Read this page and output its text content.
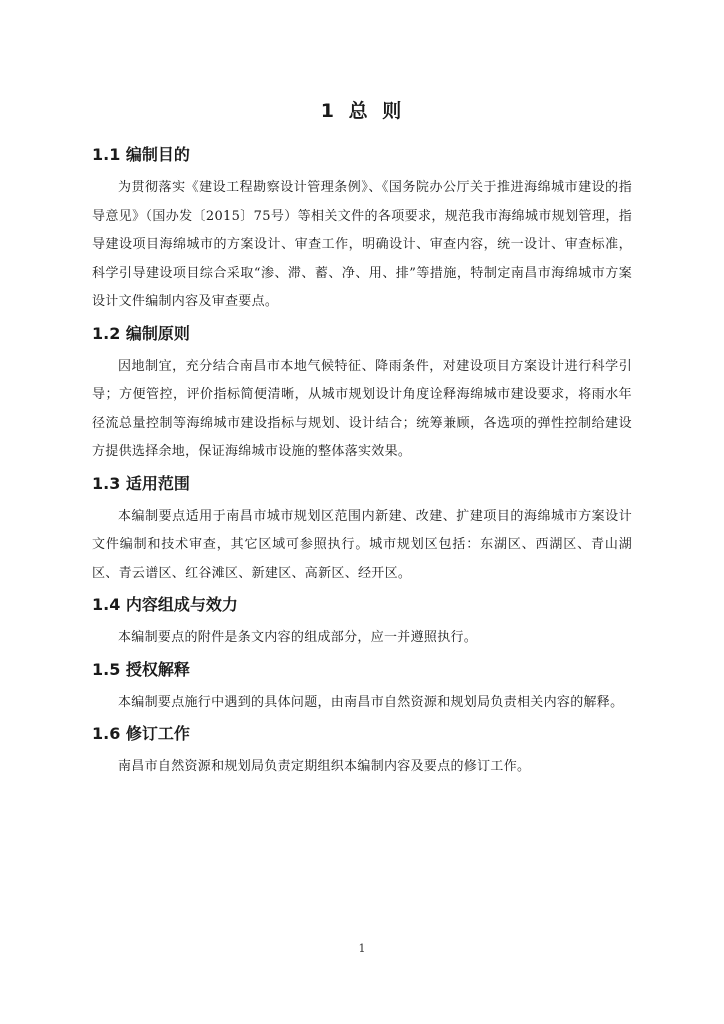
1 总 则
1.1 编制目的

为贯彻落实《建设工程勘察设计管理条例》、《国务院办公厅关于推进海绵城市建设的指导意见》（国办发〔2015〕75号）等相关文件的各项要求，规范我市海绵城市规划管理，指导建设项目海绵城市的方案设计、审查工作，明确设计、审查内容，统一设计、审查标准，科学引导建设项目综合采取“渗、滞、蓄、净、用、排”等措施，特制定南昌市海绵城市方案设计文件编制内容及审查要点。

1.2 编制原则

因地制宜，充分结合南昌市本地气候特征、降雨条件，对建设项目方案设计进行科学引导；方便管控，评价指标简便清晰，从城市规划设计角度诠释海绵城市建设要求，将雨水年径流总量控制等海绵城市建设指标与规划、设计结合；统筹兼顾，各选项的弹性控制给建设方提供选择余地，保证海绵城市设施的整体落实效果。

1.3 适用范围

本编制要点适用于南昌市城市规划区范围内新建、改建、扩建项目的海绵城市方案设计文件编制和技术审查，其它区域可参照执行。城市规划区包括：东湖区、西湖区、青山湖区、青云谱区、红谷滩区、新建区、高新区、经开区。

1.4 内容组成与效力

本编制要点的附件是条文内容的组成部分，应一并遵照执行。

1.5 授权解释

本编制要点施行中遇到的具体问题，由南昌市自然资源和规划局负责相关内容的解释。

1.6 修订工作

南昌市自然资源和规划局负责定期组织本编制内容及要点的修订工作。

1
